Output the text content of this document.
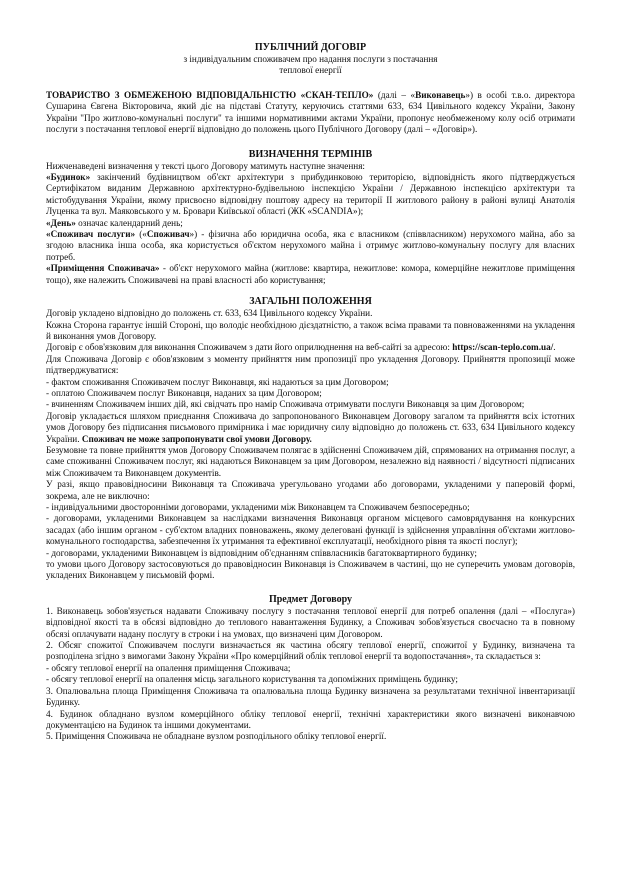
ПУБЛІЧНИЙ ДОГОВІР

з індивідуальним споживачем про надання послуги з постачання

теплової енергії

ТОВАРИСТВО З ОБМЕЖЕНОЮ ВІДПОВІДАЛЬНІСТЮ «СКАН-ТЕПЛО» (далі – «Виконавець») в особі т.в.о. директора Сушарина Євгена Вікторовича, який діє на підставі Статуту, керуючись статтями 633, 634 Цивільного кодексу України, Закону України "Про житлово-комунальні послуги" та іншими нормативними актами України, пропонує необмеженому колу осіб отримати послуги з постачання теплової енергії відповідно до положень цього Публічного Договору (далі – «Договір»).

ВИЗНАЧЕННЯ ТЕРМІНІВ

Нижченаведені визначення у тексті цього Договору матимуть наступне значення:

«Будинок» закінчений будівництвом об'єкт архітектури з прибудинковою територією, відповідність якого підтверджується Сертифікатом виданим Державною архітектурно-будівельною інспекцією України / Державною інспекцією архітектури та містобудування України, якому присвоєно відповідну поштову адресу на території II житлового району в районі вулиці Анатолія Луценка та вул. Маяковського у м. Бровари Київської області (ЖК «SCANDIA»);

«День» означає календарний день;

«Споживач послуги» («Споживач») - фізична або юридична особа, яка є власником (співвласником) нерухомого майна, або за згодою власника інша особа, яка користується об'єктом нерухомого майна і отримує житлово-комунальну послугу для власних потреб.

«Приміщення Споживача» - об'єкт нерухомого майна (житлове: квартира, нежитлове: комора, комерційне нежитлове приміщення тощо), яке належить Споживачеві на праві власності або користування;

ЗАГАЛЬНІ ПОЛОЖЕННЯ

Договір укладено відповідно до положень ст. 633, 634 Цивільного кодексу України.

Кожна Сторона гарантує іншій Стороні, що володіє необхідною дієздатністю, а також всіма правами та повноваженнями на укладення й виконання умов Договору.

Договір є обов'язковим для виконання Споживачем з дати його оприлюднення на веб-сайті за адресою: https://scan-teplo.com.ua/.

Для Споживача Договір є обов'язковим з моменту прийняття ним пропозиції про укладення Договору. Прийняття пропозиції може підтверджуватися:

- фактом споживання Споживачем послуг Виконавця, які надаються за цим Договором;

- оплатою Споживачем послуг Виконавця, наданих за цим Договором;

- вчиненням Споживачем інших дій, які свідчать про намір Споживача отримувати послуги Виконавця за цим Договором;

Договір укладається шляхом приєднання Споживача до запропонованого Виконавцем Договору загалом та прийняття всіх істотних умов Договору без підписання письмового примірника і має юридичну силу відповідно до положень ст. 633, 634 Цивільного кодексу України. Споживач не може запропонувати свої умови Договору.

Безумовне та повне прийняття умов Договору Споживачем полягає в здійсненні Споживачем дій, спрямованих на отримання послуг, а саме споживанні Споживачем послуг, які надаються Виконавцем за цим Договором, незалежно від наявності / відсутності підписаних між Споживачем та Виконавцем документів.

У разі, якщо правовідносини Виконавця та Споживача урегульовано угодами або договорами, укладеними у паперовій формі, зокрема, але не виключно:

- індивідуальними двосторонніми договорами, укладеними між Виконавцем та Споживачем безпосередньо;

- договорами, укладеними Виконавцем за наслідками визначення Виконавця органом місцевого самоврядування на конкурсних засадах (або іншим органом - суб'єктом владних повноважень, якому делеговані функції із здійснення управління об'єктами житлово-комунального господарства, забезпечення їх утримання та ефективної експлуатації, необхідного рівня та якості послуг);

- договорами, укладеними Виконавцем із відповідним об'єднанням співвласників багатоквартирного будинку;

то умови цього Договору застосовуються до правовідносин Виконавця із Споживачем в частині, що не суперечить умовам договорів, укладених Виконавцем у письмовій формі.

Предмет Договору

1. Виконавець зобов'язується надавати Споживачу послугу з постачання теплової енергії для потреб опалення (далі – «Послуга») відповідної якості та в обсязі відповідно до теплового навантаження Будинку, а Споживач зобов'язується своєчасно та в повному обсязі оплачувати надану послугу в строки і на умовах, що визначені цим Договором.

2. Обсяг спожитої Споживачем послуги визначається як частина обсягу теплової енергії, спожитої у Будинку, визначена та розподілена згідно з вимогами Закону України «Про комерційний облік теплової енергії та водопостачання», та складається з:

- обсягу теплової енергії на опалення приміщення Споживача;

- обсягу теплової енергії на опалення місць загального користування та допоміжних приміщень будинку;

3. Опалювальна площа Приміщення Споживача та опалювальна площа Будинку визначена за результатами технічної інвентаризації Будинку.

4. Будинок обладнано вузлом комерційного обліку теплової енергії, технічні характеристики якого визначені виконавчою документацією на Будинок та іншими документами.

5. Приміщення Споживача не обладнане вузлом розподільного обліку теплової енергії.
